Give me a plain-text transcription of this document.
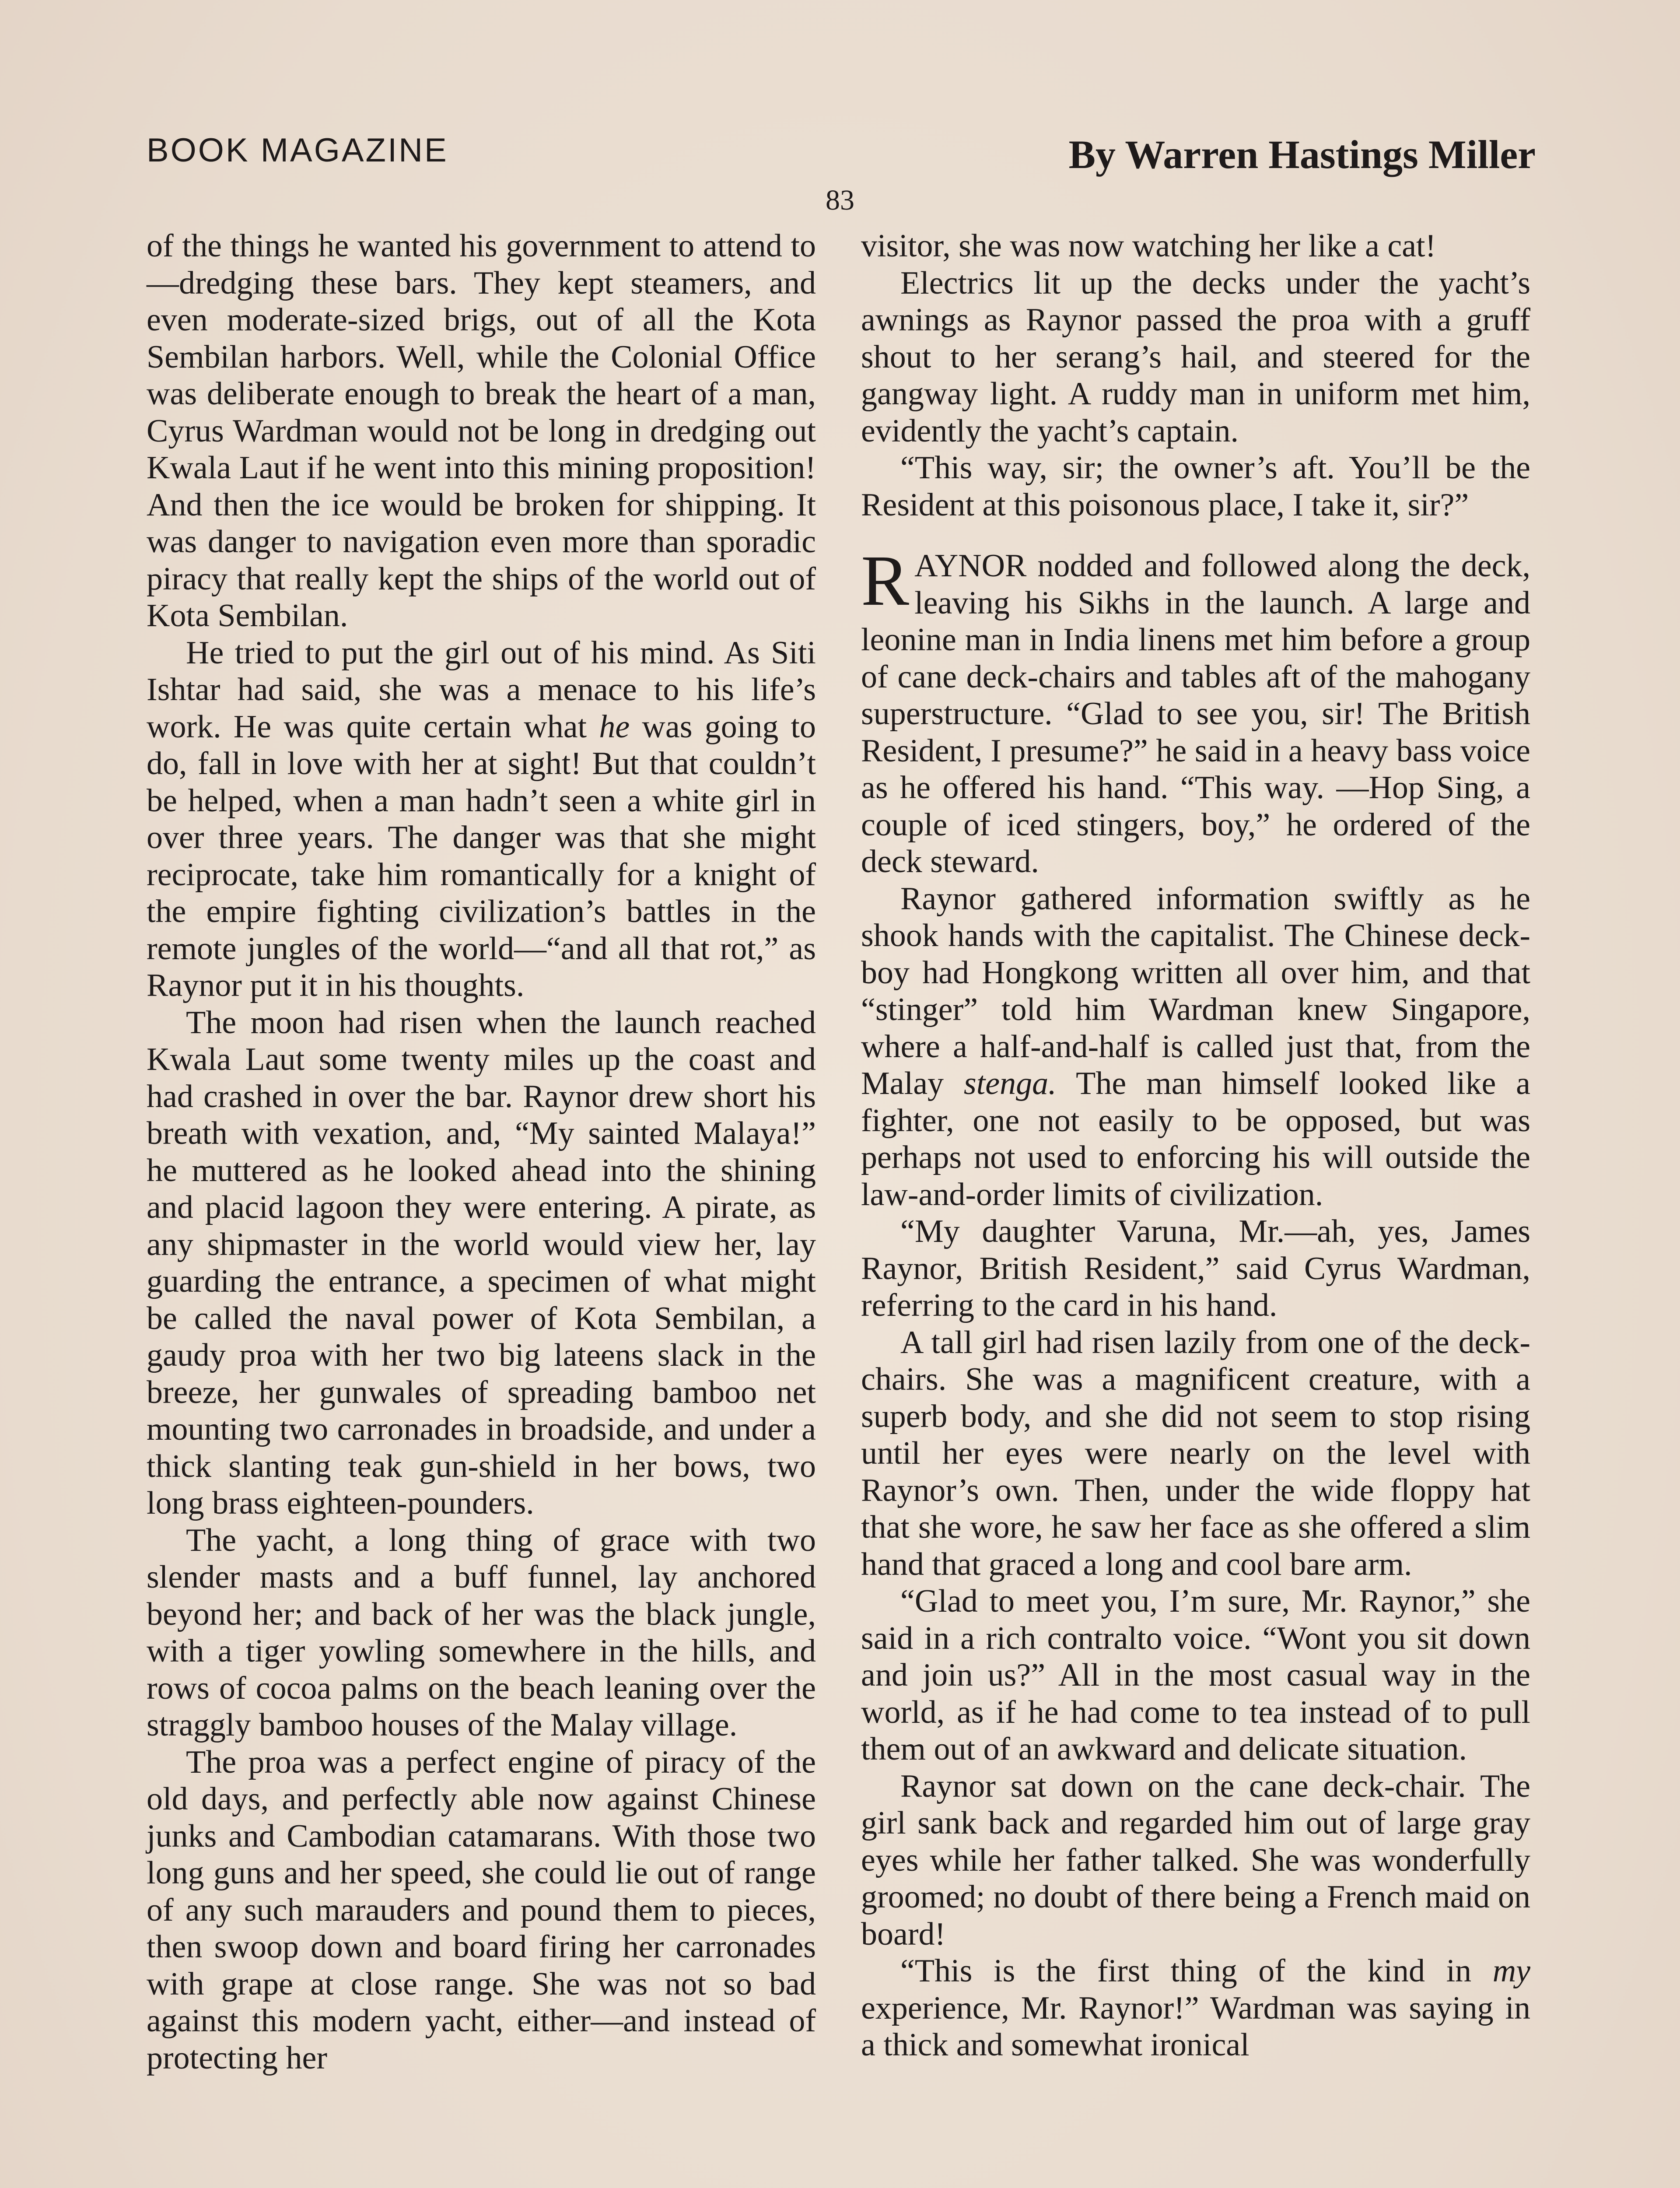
BOOK MAGAZINE	By Warren Hastings Miller
83

of the things he wanted his government to attend to—dredging these bars. They kept steamers, and even moderate-sized brigs, out of all the Kota Sembilan harbors. Well, while the Colonial Office was deliberate enough to break the heart of a man, Cyrus Wardman would not be long in dredging out Kwala Laut if he went into this mining proposition! And then the ice would be broken for shipping. It was danger to navigation even more than sporadic piracy that really kept the ships of the world out of Kota Sembilan.

He tried to put the girl out of his mind. As Siti Ishtar had said, she was a menace to his life’s work. He was quite certain what he was going to do, fall in love with her at sight! But that couldn’t be helped, when a man hadn’t seen a white girl in over three years. The danger was that she might reciprocate, take him romantically for a knight of the empire fighting civilization’s battles in the remote jungles of the world—“and all that rot,” as Raynor put it in his thoughts.

The moon had risen when the launch reached Kwala Laut some twenty miles up the coast and had crashed in over the bar. Raynor drew short his breath with vexation, and, “My sainted Malaya!” he muttered as he looked ahead into the shining and placid lagoon they were entering. A pirate, as any shipmaster in the world would view her, lay guarding the entrance, a specimen of what might be called the naval power of Kota Sembilan, a gaudy proa with her two big lateens slack in the breeze, her gunwales of spreading bamboo net mounting two carronades in broadside, and under a thick slanting teak gun-shield in her bows, two long brass eighteen-pounders.

The yacht, a long thing of grace with two slender masts and a buff funnel, lay anchored beyond her; and back of her was the black jungle, with a tiger yowling somewhere in the hills, and rows of cocoa palms on the beach leaning over the straggly bamboo houses of the Malay village.

The proa was a perfect engine of piracy of the old days, and perfectly able now against Chinese junks and Cambodian catamarans. With those two long guns and her speed, she could lie out of range of any such marauders and pound them to pieces, then swoop down and board firing her carronades with grape at close range. She was not so bad against this modern yacht, either—and instead of protecting her

visitor, she was now watching her like a cat!

Electrics lit up the decks under the yacht’s awnings as Raynor passed the proa with a gruff shout to her serang’s hail, and steered for the gangway light. A ruddy man in uniform met him, evidently the yacht’s captain.

“This way, sir; the owner’s aft. You’ll be the Resident at this poisonous place, I take it, sir?”

RAYNOR nodded and followed along the deck, leaving his Sikhs in the launch. A large and leonine man in India linens met him before a group of cane deck-chairs and tables aft of the mahogany superstructure. “Glad to see you, sir! The British Resident, I presume?” he said in a heavy bass voice as he offered his hand. “This way. —Hop Sing, a couple of iced stingers, boy,” he ordered of the deck steward.

Raynor gathered information swiftly as he shook hands with the capitalist. The Chinese deck-boy had Hongkong written all over him, and that “stinger” told him Wardman knew Singapore, where a half-and-half is called just that, from the Malay stenga. The man himself looked like a fighter, one not easily to be opposed, but was perhaps not used to enforcing his will outside the law-and-order limits of civilization.

“My daughter Varuna, Mr.—ah, yes, James Raynor, British Resident,” said Cyrus Wardman, referring to the card in his hand.

A tall girl had risen lazily from one of the deck-chairs. She was a magnificent creature, with a superb body, and she did not seem to stop rising until her eyes were nearly on the level with Raynor’s own. Then, under the wide floppy hat that she wore, he saw her face as she offered a slim hand that graced a long and cool bare arm.

“Glad to meet you, I’m sure, Mr. Raynor,” she said in a rich contralto voice. “Wont you sit down and join us?” All in the most casual way in the world, as if he had come to tea instead of to pull them out of an awkward and delicate situation.

Raynor sat down on the cane deck-chair. The girl sank back and regarded him out of large gray eyes while her father talked. She was wonderfully groomed; no doubt of there being a French maid on board!

“This is the first thing of the kind in my experience, Mr. Raynor!” Wardman was saying in a thick and somewhat ironical
